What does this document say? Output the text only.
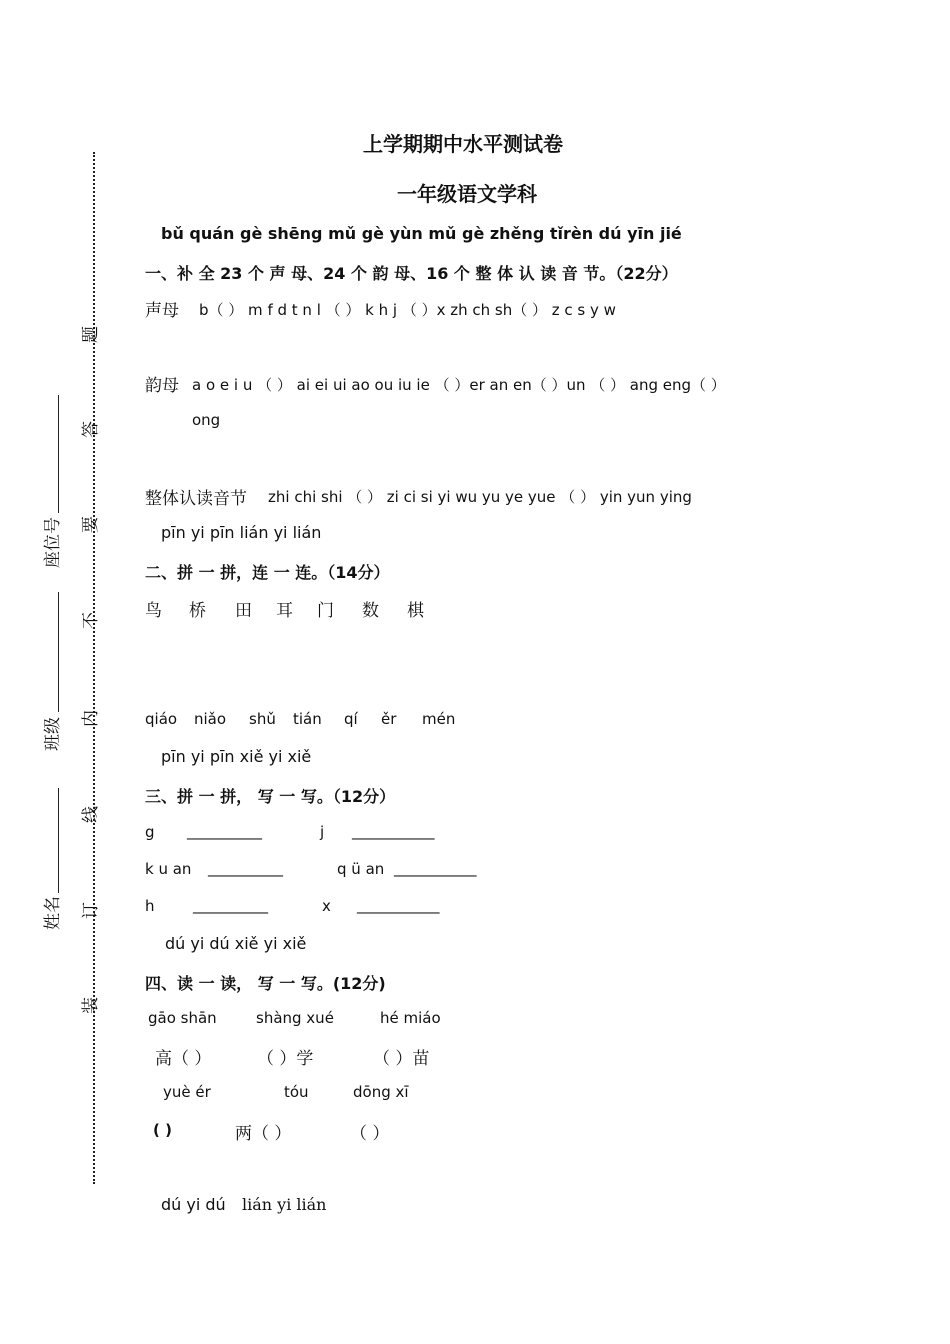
题
答
要
不
内
线
订
装
座位号
班级
姓名
上学期期中水平测试卷
一年级语文学科
bǔ quán gè shēng mǔ gè yùn mǔ gè zhěng tǐrèn dú yīn jié
一、补 全 23 个 声 母、24 个 韵 母、16 个 整 体 认 读 音 节。（22分）
声母 b（ ） m f d t n l （ ） k h j （ ）x zh ch sh（ ） z c s y w
韵母 a o e i u （ ） ai ei ui ao ou iu ie （ ）er an en（ ）un （ ） ang eng（ ）
ong
整体认读音节 zhi chi shi （ ） zi ci si yi wu yu ye yue （ ） yin yun ying
pīn yi pīn lián yi lián
二、拼 一 拼，连 一 连。（14分）
鸟 桥 田 耳 门 数 棋
qiáo niǎo shǔ tián qí ěr mén
pīn yi pīn xiě yi xiě
三、拼 一 拼， 写 一 写。（12分）
g __________	j ___________
k u an __________	q ü an ___________
h	__________	x ___________
dú yi dú xiě yi xiě
四、读 一 读， 写 一 写。(12分)
gāo shān	shàng xué	hé miáo
高（ ）	（ ）学	（ ）苗
yuè ér	tóu	dōng xī
( )	两（ ）	（ ）
dú yi dú lián yi lián
